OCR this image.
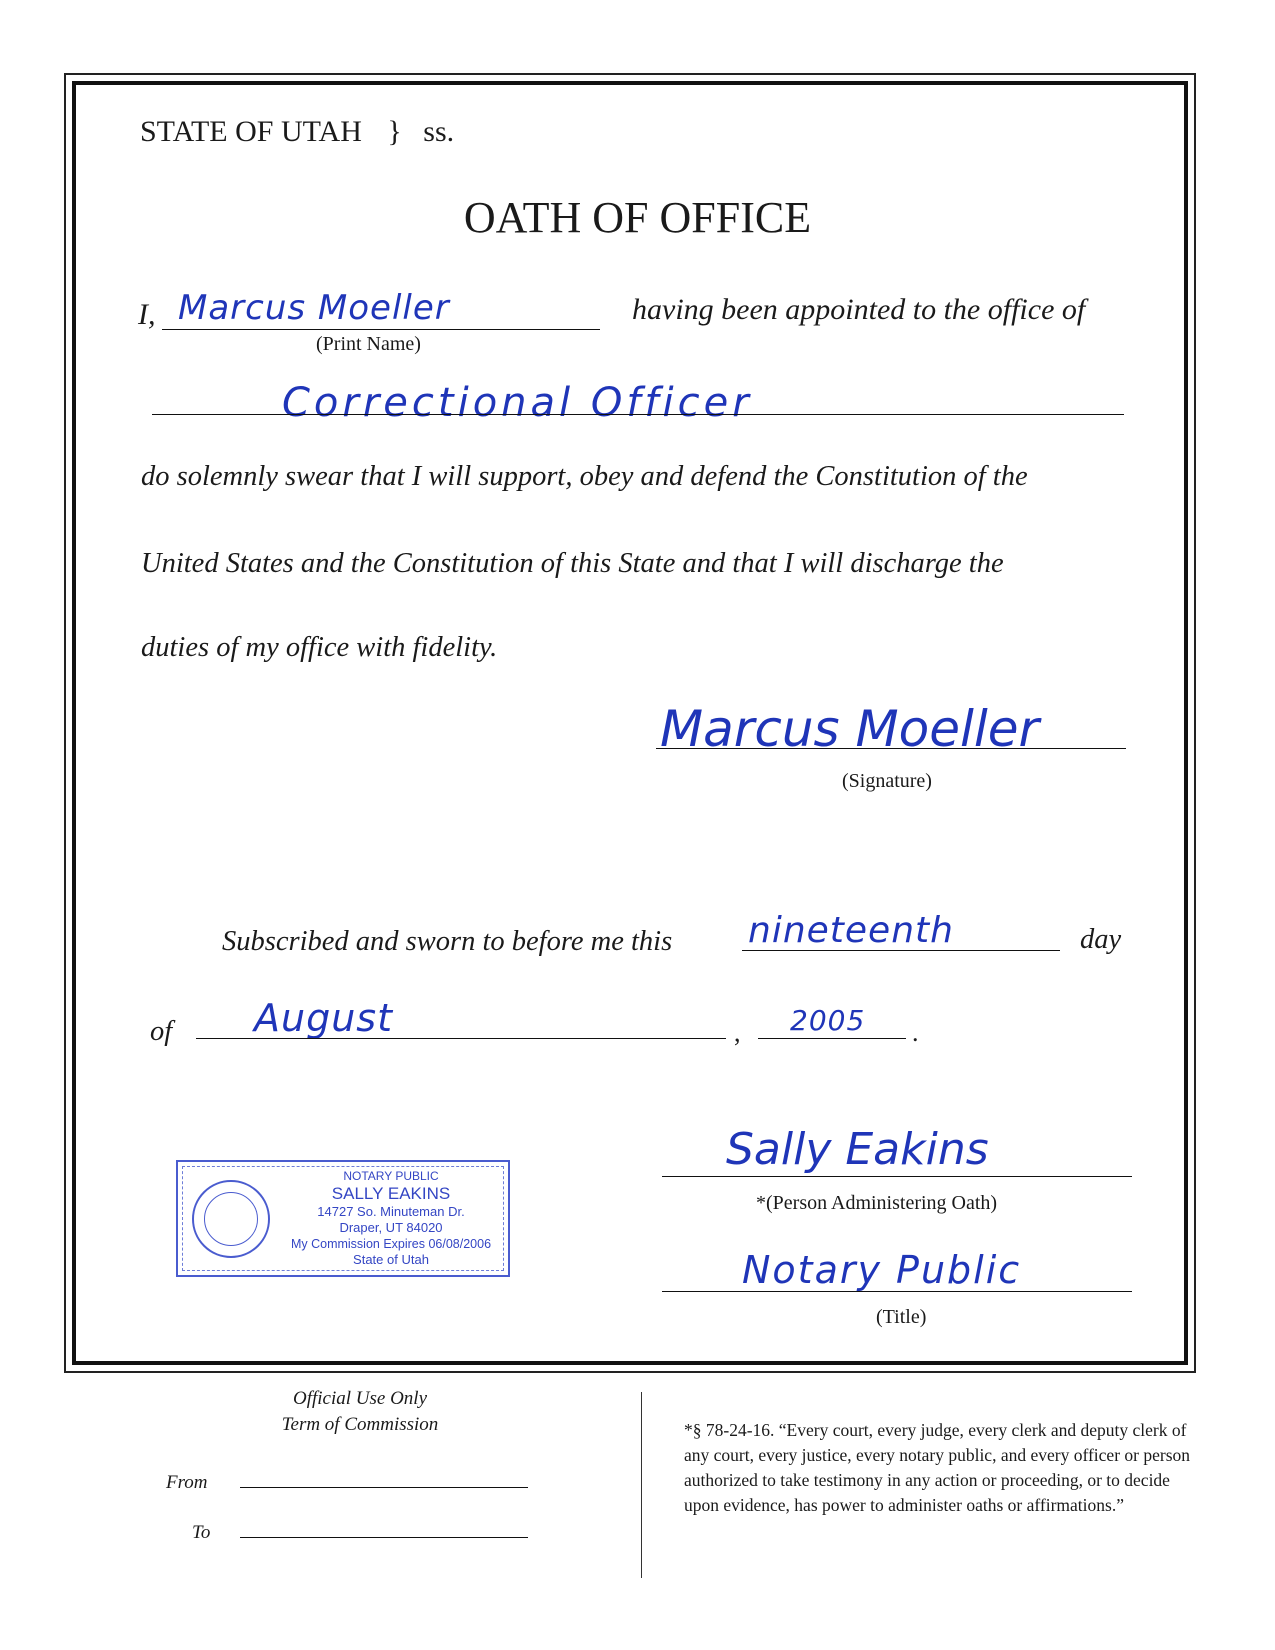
STATE OF UTAH } ss.
OATH OF OFFICE
I, Marcus Moeller
(Print Name)
having been appointed to the office of
Correctional Officer
do solemnly swear that I will support, obey and defend the Constitution of the
United States and the Constitution of this State and that I will discharge the
duties of my office with fidelity.
Marcus Moeller
(Signature)
Subscribed and sworn to before me this nineteenth	day
of August	, 2005 .
Sally Eakins
*(Person Administering Oath)
Notary Public
(Title)
NOTARY PUBLIC
SALLY EAKINS
14727 So. Minuteman Dr.
Draper, UT 84020
My Commission Expires 06/08/2006
State of Utah
Official Use Only
Term of Commission
From
To
*§ 78-24-16. “Every court, every judge, every clerk and deputy clerk of any court, every justice, every notary public, and every officer or person authorized to take testimony in any action or proceeding, or to decide upon evidence, has power to administer oaths or affirmations.”
